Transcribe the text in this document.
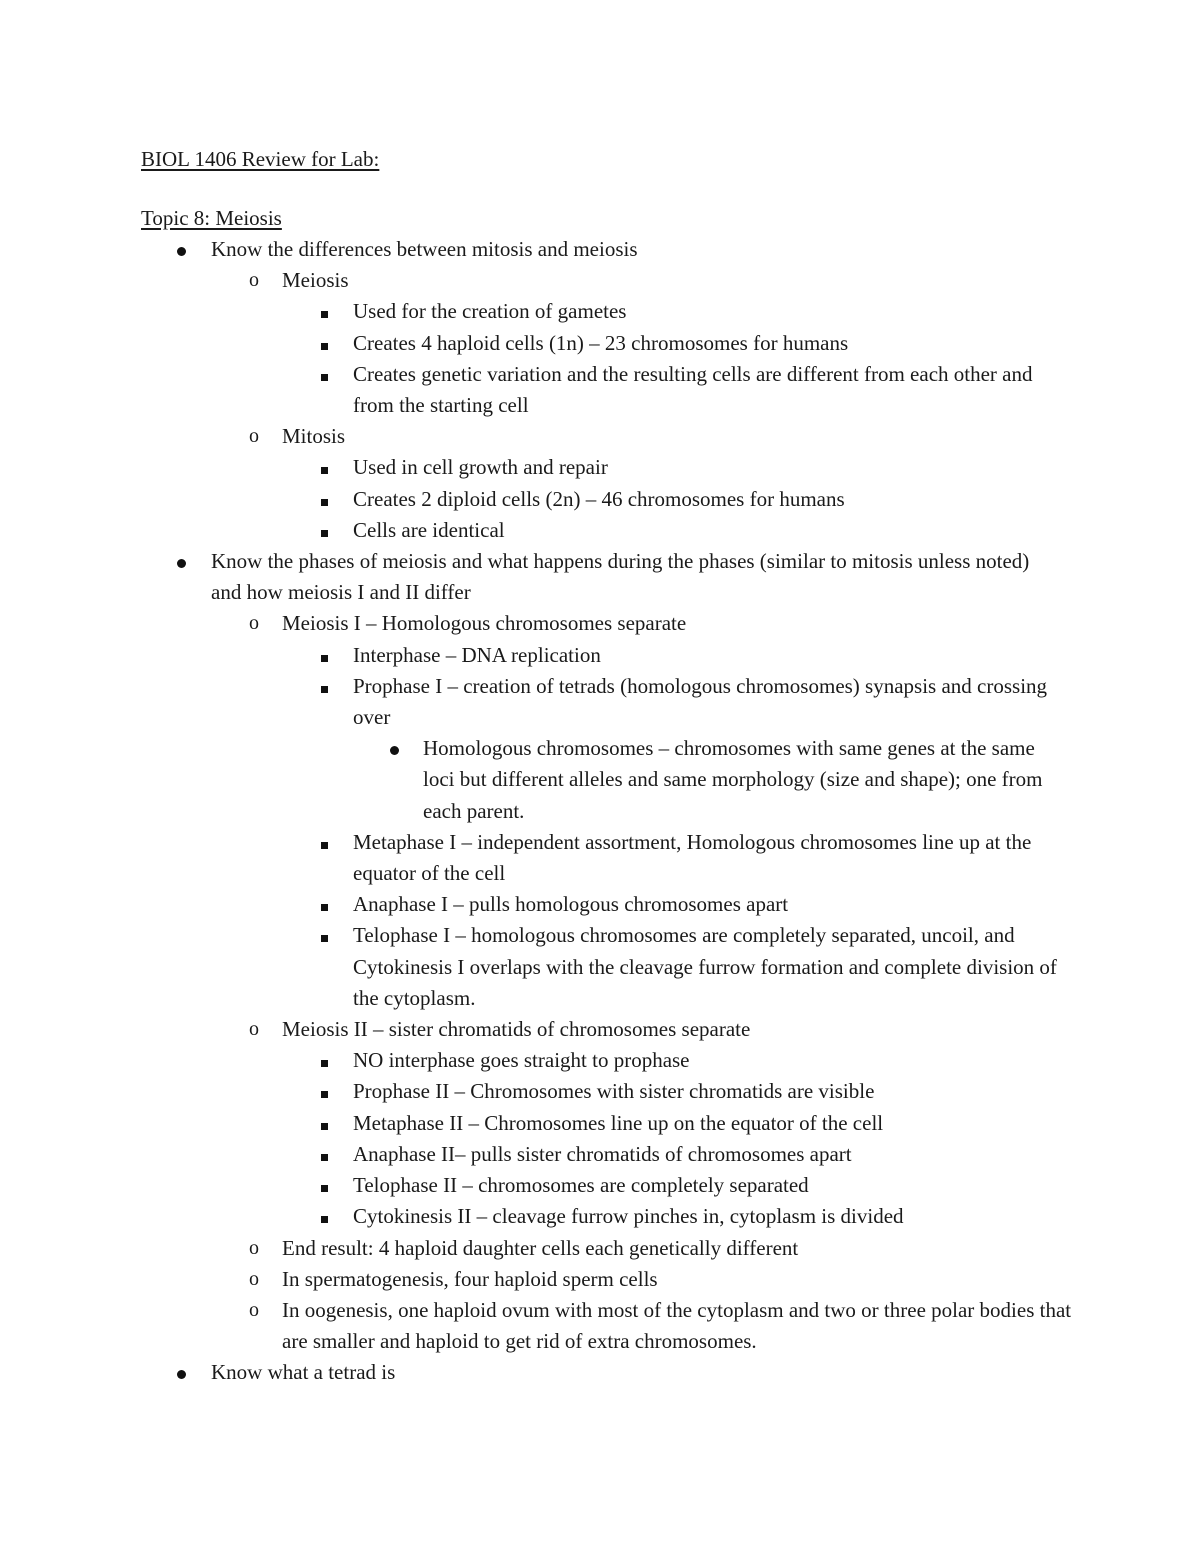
BIOL 1406 Review for Lab:
Topic 8: Meiosis
Know the differences between mitosis and meiosis
o Meiosis
Used for the creation of gametes
Creates 4 haploid cells (1n) – 23 chromosomes for humans
Creates genetic variation and the resulting cells are different from each other and from the starting cell
o Mitosis
Used in cell growth and repair
Creates 2 diploid cells (2n) – 46 chromosomes for humans
Cells are identical
Know the phases of meiosis and what happens during the phases (similar to mitosis unless noted) and how meiosis I and II differ
o Meiosis I – Homologous chromosomes separate
Interphase – DNA replication
Prophase I – creation of tetrads (homologous chromosomes) synapsis and crossing over
Homologous chromosomes – chromosomes with same genes at the same loci but different alleles and same morphology (size and shape); one from each parent.
Metaphase I – independent assortment, Homologous chromosomes line up at the equator of the cell
Anaphase I – pulls homologous chromosomes apart
Telophase I – homologous chromosomes are completely separated, uncoil, and Cytokinesis I overlaps with the cleavage furrow formation and complete division of the cytoplasm.
o Meiosis II – sister chromatids of chromosomes separate
NO interphase goes straight to prophase
Prophase II – Chromosomes with sister chromatids are visible
Metaphase II – Chromosomes line up on the equator of the cell
Anaphase II– pulls sister chromatids of chromosomes apart
Telophase II – chromosomes are completely separated
Cytokinesis II – cleavage furrow pinches in, cytoplasm is divided
o End result: 4 haploid daughter cells each genetically different
o In spermatogenesis, four haploid sperm cells
o In oogenesis, one haploid ovum with most of the cytoplasm and two or three polar bodies that are smaller and haploid to get rid of extra chromosomes.
Know what a tetrad is
